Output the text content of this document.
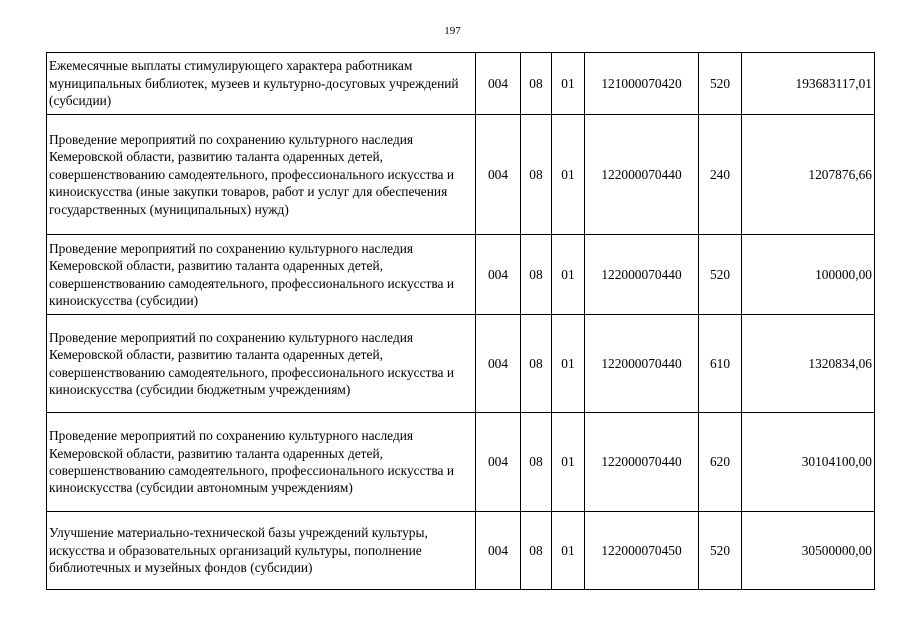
197
Ежемесячные выплаты стимулирующего характера работникам муниципальных библиотек, музеев и культурно-досуговых учреждений (субсидии)	004	08	01	121000070420	520	193683117,01
Проведение мероприятий по сохранению культурного наследия Кемеровской области, развитию таланта одаренных детей, совершенствованию самодеятельного, профессионального искусства и киноискусства (иные закупки товаров, работ и услуг для обеспечения государственных (муниципальных) нужд)	004	08	01	122000070440	240	1207876,66
Проведение мероприятий по сохранению культурного наследия Кемеровской области, развитию таланта одаренных детей, совершенствованию самодеятельного, профессионального искусства и киноискусства (субсидии)	004	08	01	122000070440	520	100000,00
Проведение мероприятий по сохранению культурного наследия Кемеровской области, развитию таланта одаренных детей, совершенствованию самодеятельного, профессионального искусства и киноискусства (субсидии бюджетным учреждениям)	004	08	01	122000070440	610	1320834,06
Проведение мероприятий по сохранению культурного наследия Кемеровской области, развитию таланта одаренных детей, совершенствованию самодеятельного, профессионального искусства и киноискусства (субсидии автономным учреждениям)	004	08	01	122000070440	620	30104100,00
Улучшение материально-технической базы учреждений культуры, искусства и образовательных организаций культуры, пополнение библиотечных и музейных фондов (субсидии)	004	08	01	122000070450	520	30500000,00
